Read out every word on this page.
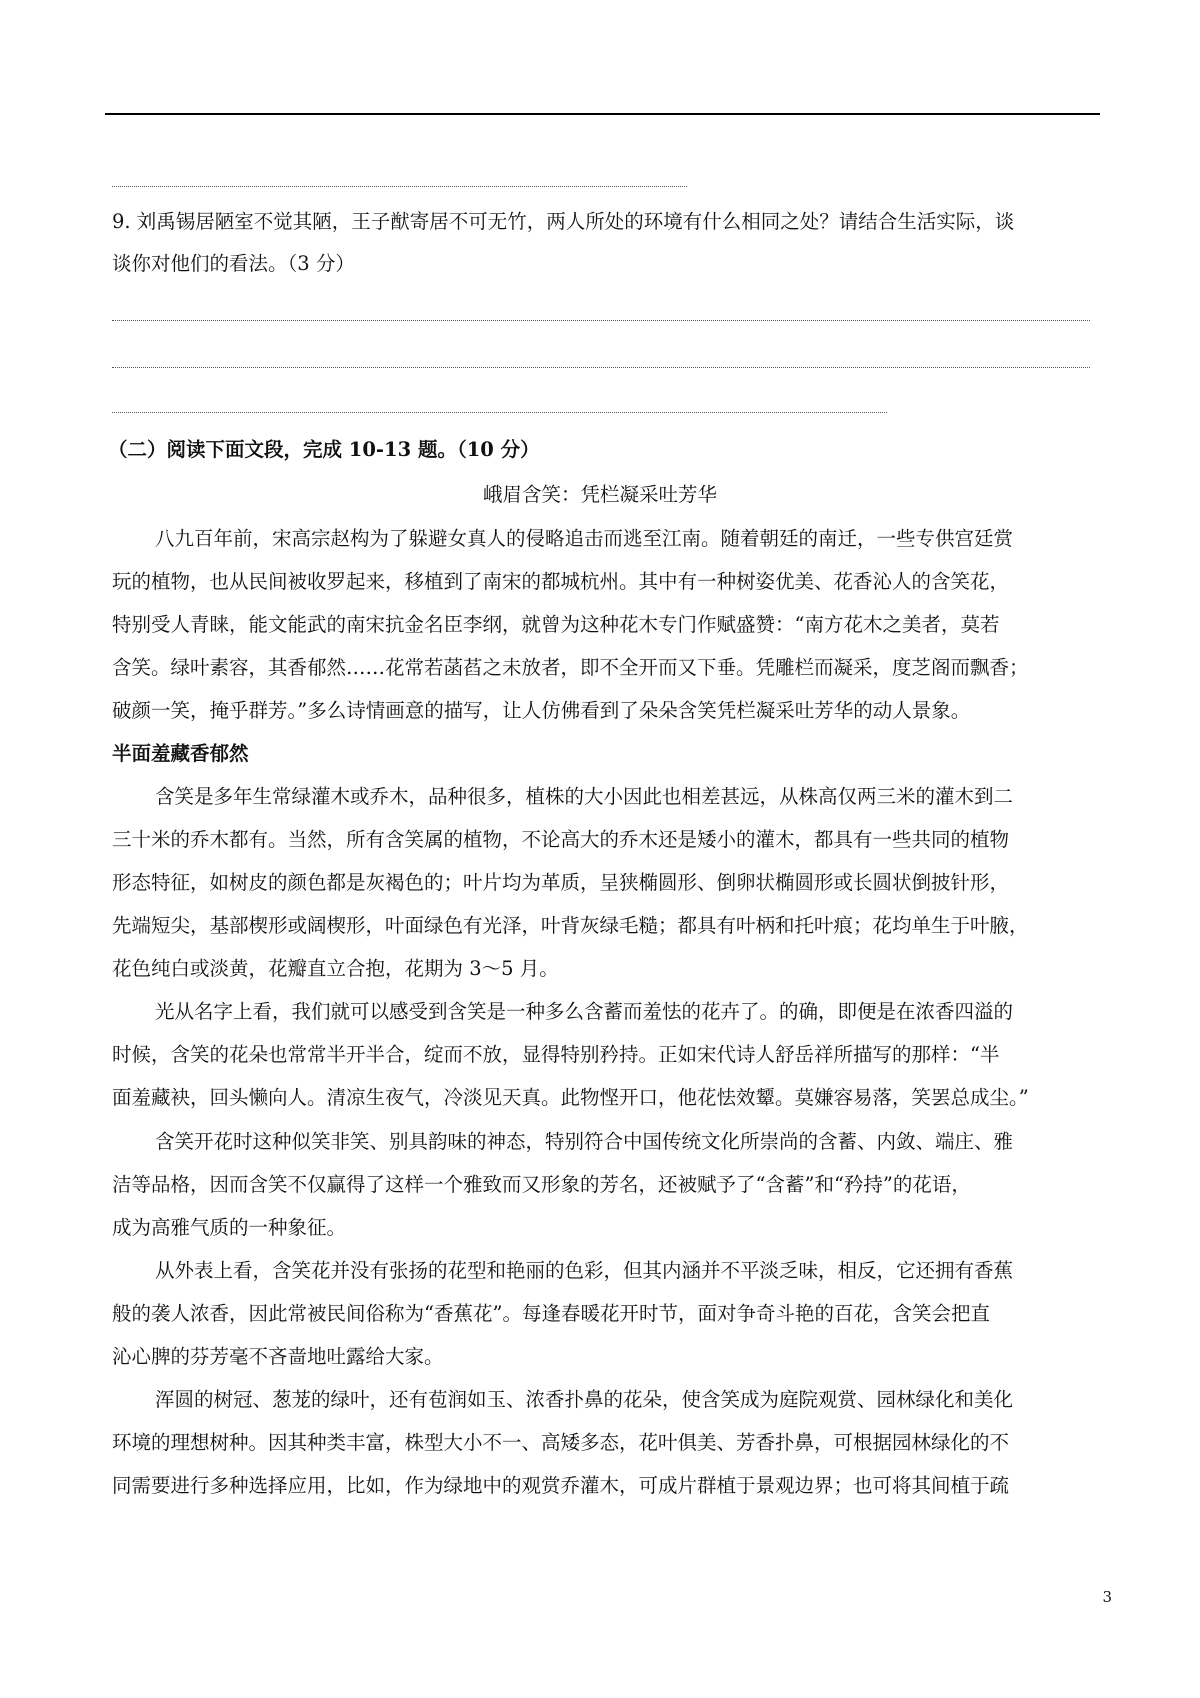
9. 刘禹锡居陋室不觉其陋，王子猷寄居不可无竹，两人所处的环境有什么相同之处？请结合生活实际，谈

谈你对他们的看法。（3 分）

（二）阅读下面文段，完成 10-13 题。（10 分）

峨眉含笑：凭栏凝采吐芳华

八九百年前，宋高宗赵构为了躲避女真人的侵略追击而逃至江南。随着朝廷的南迁，一些专供宫廷赏

玩的植物，也从民间被收罗起来，移植到了南宋的都城杭州。其中有一种树姿优美、花香沁人的含笑花，

特别受人青睐，能文能武的南宋抗金名臣李纲，就曾为这种花木专门作赋盛赞：“南方花木之美者，莫若

含笑。绿叶素容，其香郁然……花常若菡萏之未放者，即不全开而又下垂。凭雕栏而凝采，度芝阁而飘香；

破颜一笑，掩乎群芳。”多么诗情画意的描写，让人仿佛看到了朵朵含笑凭栏凝采吐芳华的动人景象。

半面羞藏香郁然

含笑是多年生常绿灌木或乔木，品种很多，植株的大小因此也相差甚远，从株高仅两三米的灌木到二

三十米的乔木都有。当然，所有含笑属的植物，不论高大的乔木还是矮小的灌木，都具有一些共同的植物

形态特征，如树皮的颜色都是灰褐色的；叶片均为革质，呈狭椭圆形、倒卵状椭圆形或长圆状倒披针形，

先端短尖，基部楔形或阔楔形，叶面绿色有光泽，叶背灰绿毛糙；都具有叶柄和托叶痕；花均单生于叶腋，

花色纯白或淡黄，花瓣直立合抱，花期为 3～5 月。

光从名字上看，我们就可以感受到含笑是一种多么含蓄而羞怯的花卉了。的确，即便是在浓香四溢的

时候，含笑的花朵也常常半开半合，绽而不放，显得特别矜持。正如宋代诗人舒岳祥所描写的那样：“半

面羞藏袂，回头懒向人。清凉生夜气，冷淡见天真。此物悭开口，他花怯效颦。莫嫌容易落，笑罢总成尘。”

含笑开花时这种似笑非笑、别具韵味的神态，特别符合中国传统文化所崇尚的含蓄、内敛、端庄、雅

洁等品格，因而含笑不仅赢得了这样一个雅致而又形象的芳名，还被赋予了“含蓄”和“矜持”的花语，

成为高雅气质的一种象征。

从外表上看，含笑花并没有张扬的花型和艳丽的色彩，但其内涵并不平淡乏味，相反，它还拥有香蕉

般的袭人浓香，因此常被民间俗称为“香蕉花”。每逢春暖花开时节，面对争奇斗艳的百花，含笑会把直

沁心脾的芬芳毫不吝啬地吐露给大家。

浑圆的树冠、葱茏的绿叶，还有苞润如玉、浓香扑鼻的花朵，使含笑成为庭院观赏、园林绿化和美化

环境的理想树种。因其种类丰富，株型大小不一、高矮多态，花叶俱美、芳香扑鼻，可根据园林绿化的不

同需要进行多种选择应用，比如，作为绿地中的观赏乔灌木，可成片群植于景观边界；也可将其间植于疏

3
